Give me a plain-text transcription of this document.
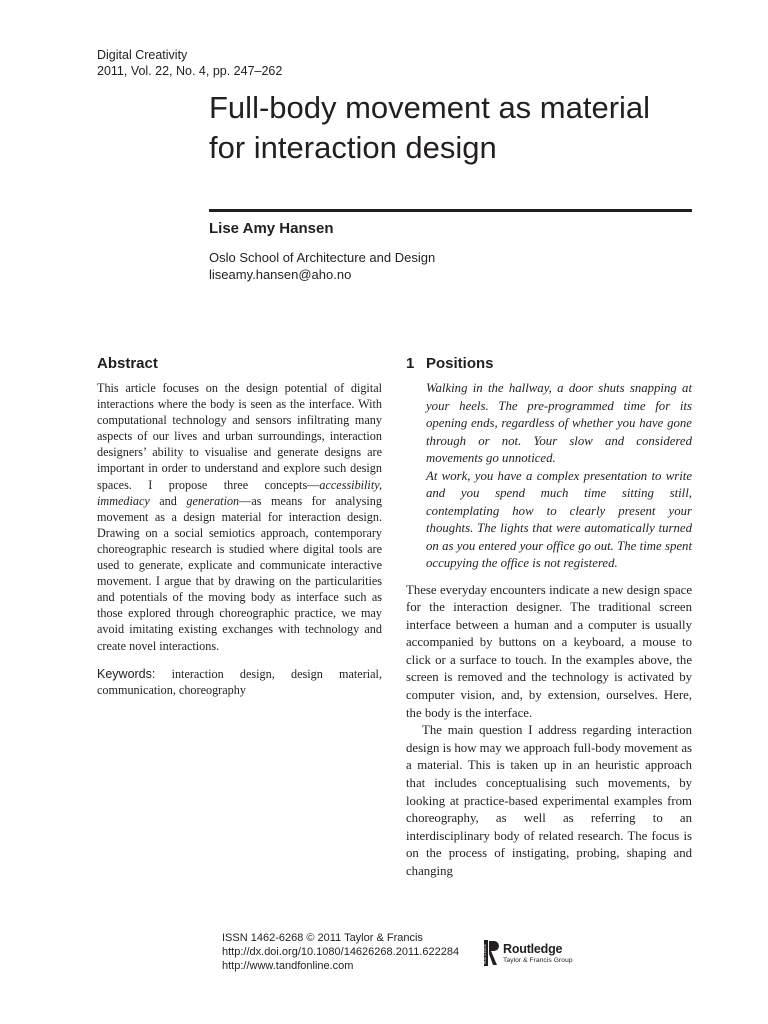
Digital Creativity
2011, Vol. 22, No. 4, pp. 247–262
Full-body movement as material for interaction design
Lise Amy Hansen
Oslo School of Architecture and Design
liseamy.hansen@aho.no
Abstract

This article focuses on the design potential of digital interactions where the body is seen as the interface. With computational technology and sensors infiltrating many aspects of our lives and urban surroundings, interaction designers’ ability to visualise and generate designs are important in order to understand and explore such design spaces. I propose three concepts—accessibility, immediacy and generation—as means for analysing movement as a design material for interaction design. Drawing on a social semiotics approach, contemporary choreographic research is studied where digital tools are used to generate, explicate and communicate interactive movement. I argue that by drawing on the particularities and potentials of the moving body as interface such as those explored through choreographic practice, we may avoid imitating existing exchanges with technology and create novel interactions.

Keywords: interaction design, design material, communication, choreography
1 Positions

Walking in the hallway, a door shuts snapping at your heels. The pre-programmed time for its opening ends, regardless of whether you have gone through or not. Your slow and considered movements go unnoticed.

At work, you have a complex presentation to write and you spend much time sitting still, contemplating how to clearly present your thoughts. The lights that were automatically turned on as you entered your office go out. The time spent occupying the office is not registered.

These everyday encounters indicate a new design space for the interaction designer. The traditional screen interface between a human and a computer is usually accompanied by buttons on a keyboard, a mouse to click or a surface to touch. In the examples above, the screen is removed and the technology is activated by computer vision, and, by extension, ourselves. Here, the body is the interface.

The main question I address regarding interaction design is how may we approach full-body movement as a material. This is taken up in an heuristic approach that includes conceptualising such movements, by looking at practice-based experimental examples from choreography, as well as referring to an interdisciplinary body of related research. The focus is on the process of instigating, probing, shaping and changing

ISSN 1462-6268 © 2011 Taylor & Francis
http://dx.doi.org/10.1080/14626268.2011.622284
http://www.tandfonline.com
ROUTLEDGE Routledge
Taylor & Francis Group
